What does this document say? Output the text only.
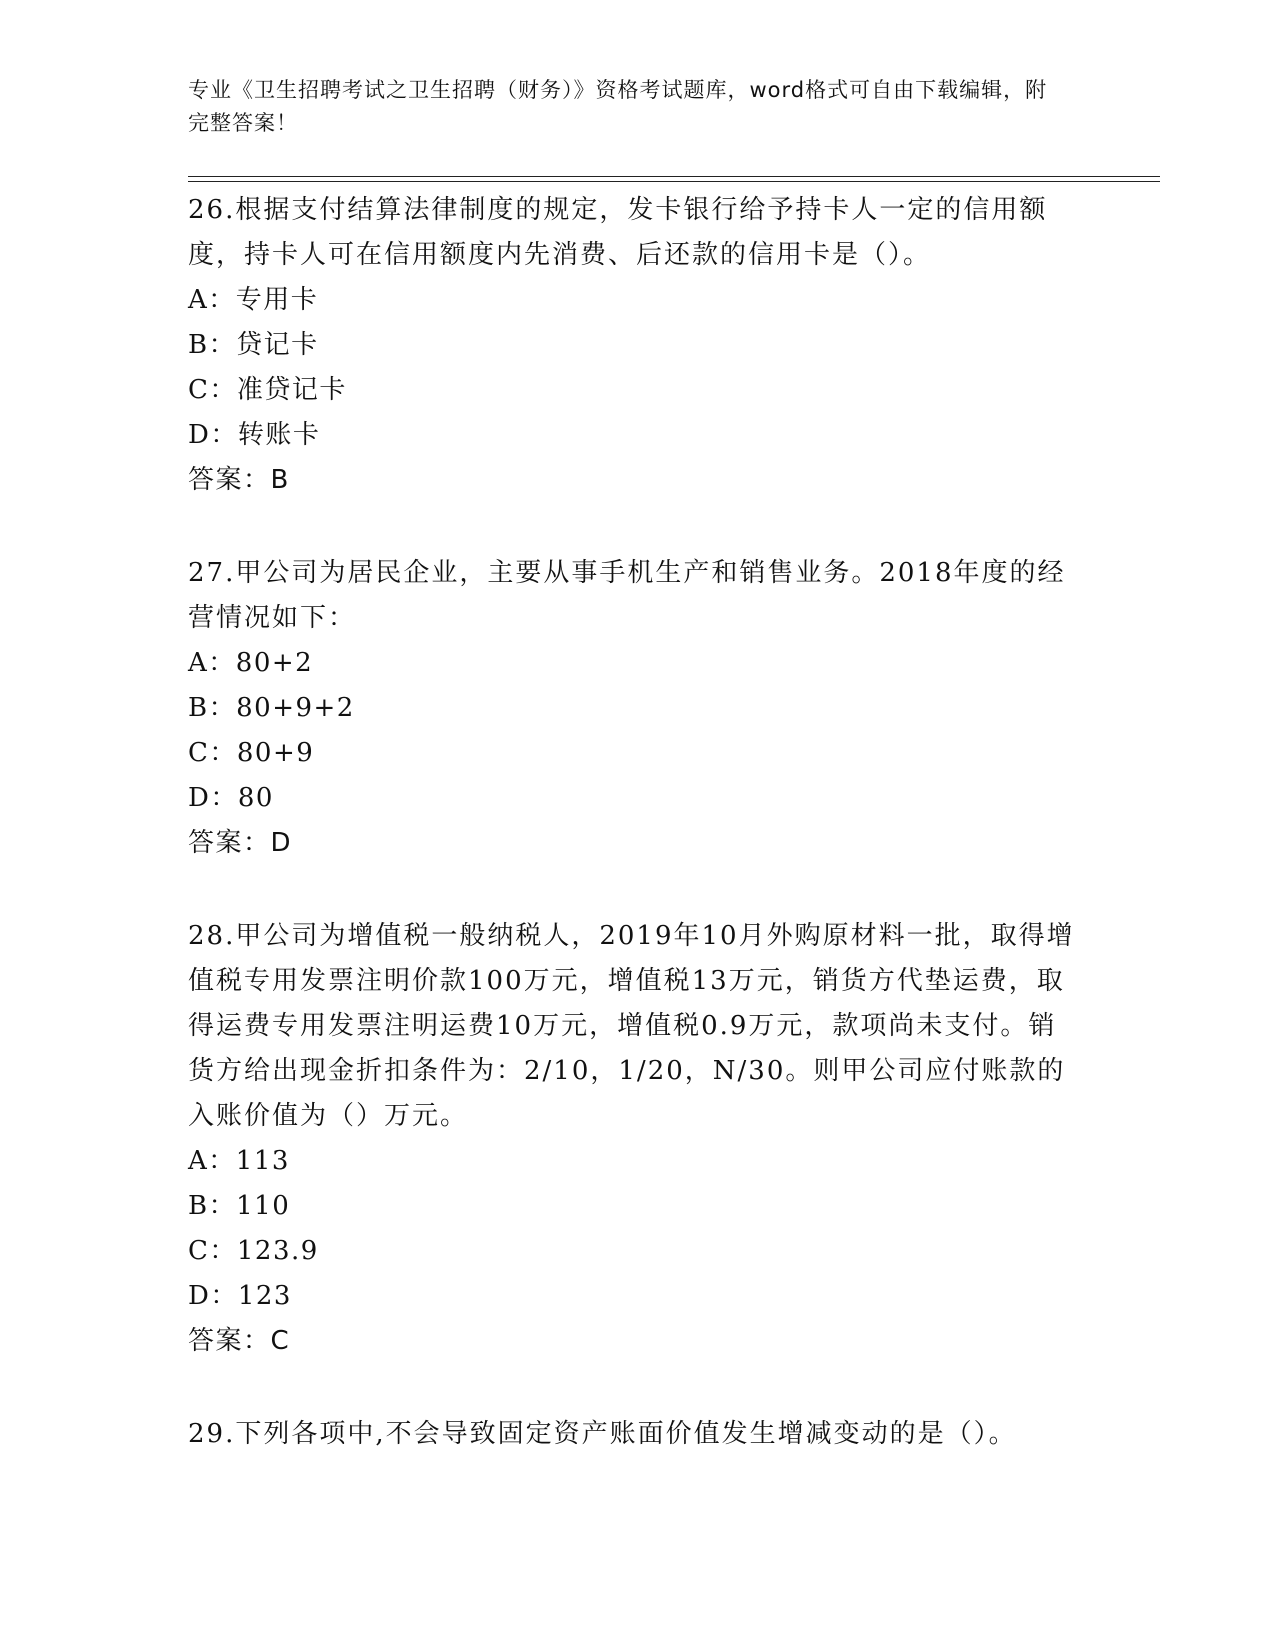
专业《卫生招聘考试之卫生招聘（财务）》资格考试题库，word格式可自由下载编辑，附完整答案！
26.根据支付结算法律制度的规定，发卡银行给予持卡人一定的信用额度，持卡人可在信用额度内先消费、后还款的信用卡是（）。
A：专用卡
B：贷记卡
C：准贷记卡
D：转账卡
答案：B
27.甲公司为居民企业，主要从事手机生产和销售业务。2018年度的经营情况如下：
A：80+2
B：80+9+2
C：80+9
D：80
答案：D
28.甲公司为增值税一般纳税人，2019年10月外购原材料一批，取得增值税专用发票注明价款100万元，增值税13万元，销货方代垫运费，取得运费专用发票注明运费10万元，增值税0.9万元，款项尚未支付。销货方给出现金折扣条件为：2/10，1/20，N/30。则甲公司应付账款的入账价值为（）万元。
A：113
B：110
C：123.9
D：123
答案：C
29.下列各项中,不会导致固定资产账面价值发生增减变动的是（）。
